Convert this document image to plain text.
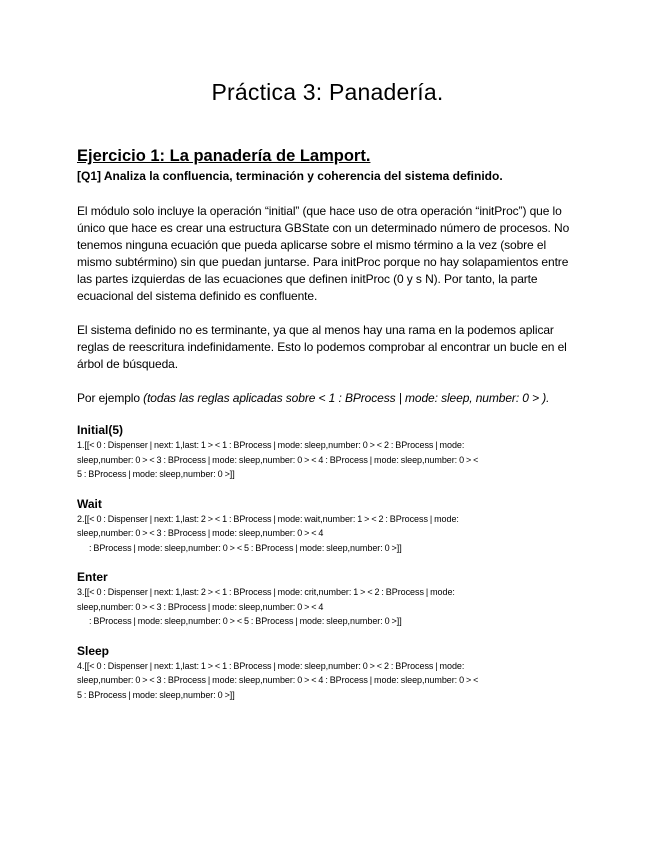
Práctica 3: Panadería.
Ejercicio 1: La panadería de Lamport.

[Q1] Analiza la confluencia, terminación y coherencia del sistema definido.

El módulo solo incluye la operación “initial” (que hace uso de otra operación “initProc”) que lo único que hace es crear una estructura GBState con un determinado número de procesos. No tenemos ninguna ecuación que pueda aplicarse sobre el mismo término a la vez (sobre el mismo subtérmino) sin que puedan juntarse. Para initProc porque no hay solapamientos entre las partes izquierdas de las ecuaciones que definen initProc (0 y s N). Por tanto, la parte ecuacional del sistema definido es confluente.

El sistema definido no es terminante, ya que al menos hay una rama en la podemos aplicar reglas de reescritura indefinidamente. Esto lo podemos comprobar al encontrar un bucle en el árbol de búsqueda.

Por ejemplo (todas las reglas aplicadas sobre < 1 : BProcess | mode: sleep, number: 0 > ).

Initial(5)

1.[[< 0 : Dispenser | next: 1,last: 1 > < 1 : BProcess | mode: sleep,number: 0 > < 2 : BProcess | mode:

sleep,number: 0 > < 3 : BProcess | mode: sleep,number: 0 > < 4 : BProcess | mode: sleep,number: 0 > <

5 : BProcess | mode: sleep,number: 0 >]]

Wait

2.[[< 0 : Dispenser | next: 1,last: 2 > < 1 : BProcess | mode: wait,number: 1 > < 2 : BProcess | mode:

sleep,number: 0 > < 3 : BProcess | mode: sleep,number: 0 > < 4

: BProcess | mode: sleep,number: 0 > < 5 : BProcess | mode: sleep,number: 0 >]]

Enter

3.[[< 0 : Dispenser | next: 1,last: 2 > < 1 : BProcess | mode: crit,number: 1 > < 2 : BProcess | mode:

sleep,number: 0 > < 3 : BProcess | mode: sleep,number: 0 > < 4

: BProcess | mode: sleep,number: 0 > < 5 : BProcess | mode: sleep,number: 0 >]]

Sleep

4.[[< 0 : Dispenser | next: 1,last: 1 > < 1 : BProcess | mode: sleep,number: 0 > < 2 : BProcess | mode:

sleep,number: 0 > < 3 : BProcess | mode: sleep,number: 0 > < 4 : BProcess | mode: sleep,number: 0 > <

5 : BProcess | mode: sleep,number: 0 >]]
